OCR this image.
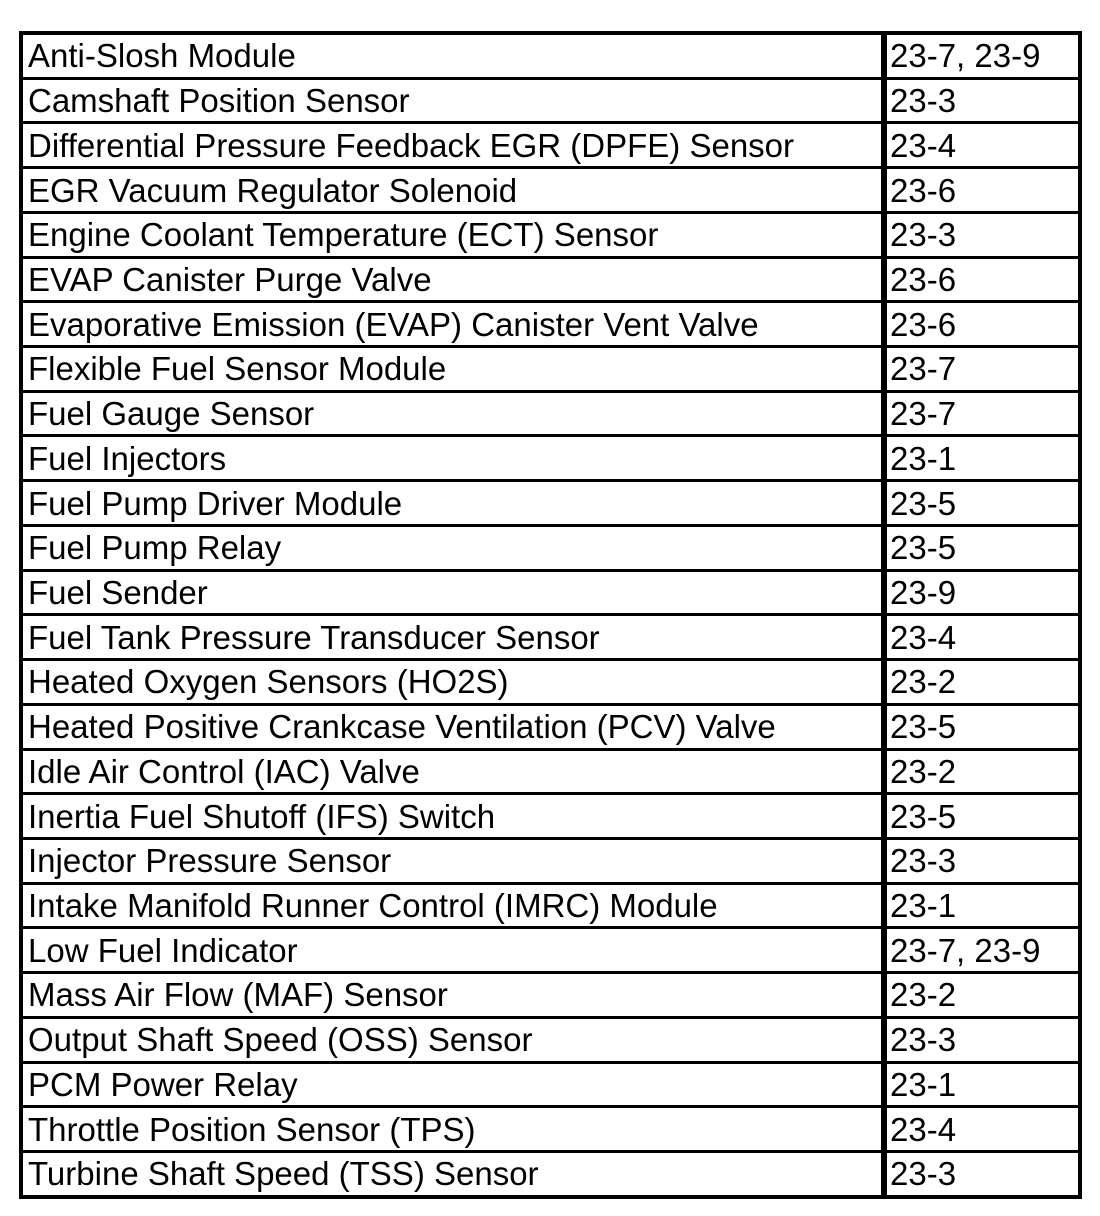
Anti-Slosh Module	23-7, 23-9
Camshaft Position Sensor	23-3
Differential Pressure Feedback EGR (DPFE) Sensor	23-4
EGR Vacuum Regulator Solenoid	23-6
Engine Coolant Temperature (ECT) Sensor	23-3
EVAP Canister Purge Valve	23-6
Evaporative Emission (EVAP) Canister Vent Valve	23-6
Flexible Fuel Sensor Module	23-7
Fuel Gauge Sensor	23-7
Fuel Injectors	23-1
Fuel Pump Driver Module	23-5
Fuel Pump Relay	23-5
Fuel Sender	23-9
Fuel Tank Pressure Transducer Sensor	23-4
Heated Oxygen Sensors (HO2S)	23-2
Heated Positive Crankcase Ventilation (PCV) Valve	23-5
Idle Air Control (IAC) Valve	23-2
Inertia Fuel Shutoff (IFS) Switch	23-5
Injector Pressure Sensor	23-3
Intake Manifold Runner Control (IMRC) Module	23-1
Low Fuel Indicator	23-7, 23-9
Mass Air Flow (MAF) Sensor	23-2
Output Shaft Speed (OSS) Sensor	23-3
PCM Power Relay	23-1
Throttle Position Sensor (TPS)	23-4
Turbine Shaft Speed (TSS) Sensor	23-3
